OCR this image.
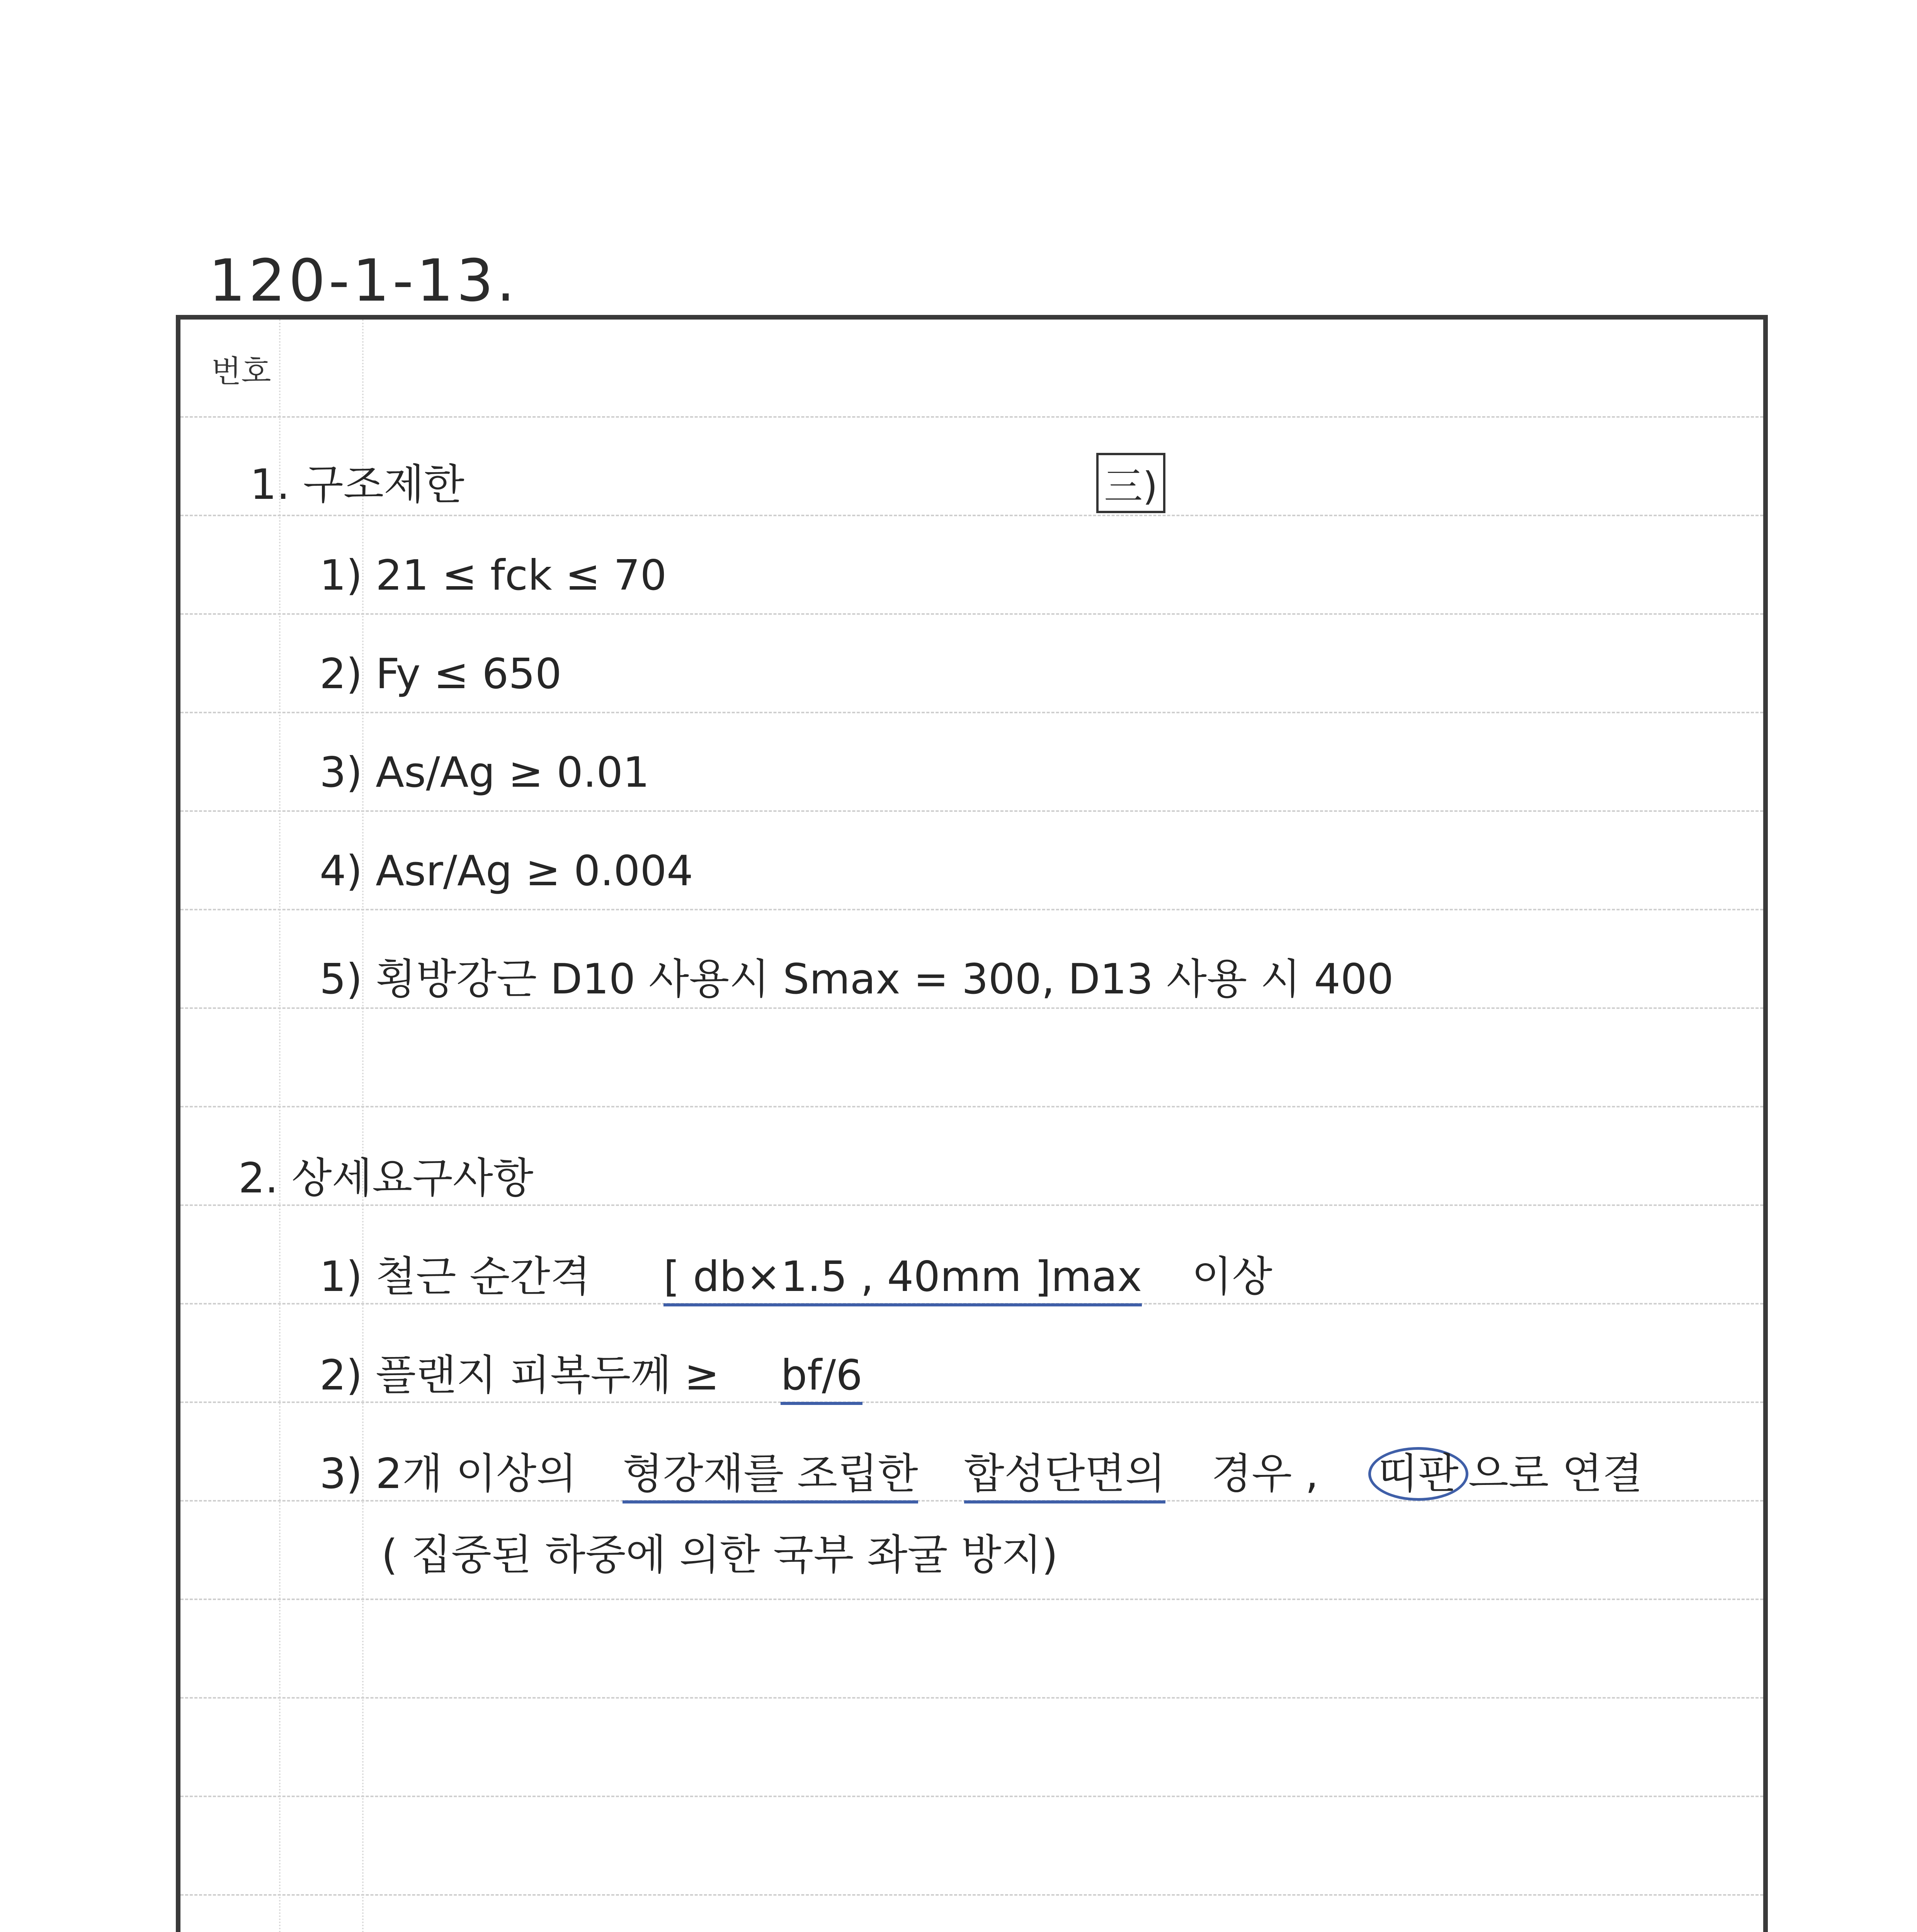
120-1-13.
번호
1. 구조제한	三)
1) 21 ≤ fck ≤ 70
2) Fy ≤ 650
3) As/Ag ≥ 0.01
4) Asr/Ag ≥ 0.004
5) 횡방강근 D10 사용시 Smax = 300, D13 사용 시 400
2. 상세요구사항
1) 철근 순간격 [ db×1.5 , 40mm ]max 이상
2) 플랜지 피복두께 ≥ bf/6
3) 2개 이상의 형강재를 조립한 합성단면의 경우 , 띠판 으로 연결
( 집중된 하중에 의한 국부 좌굴 방지)
